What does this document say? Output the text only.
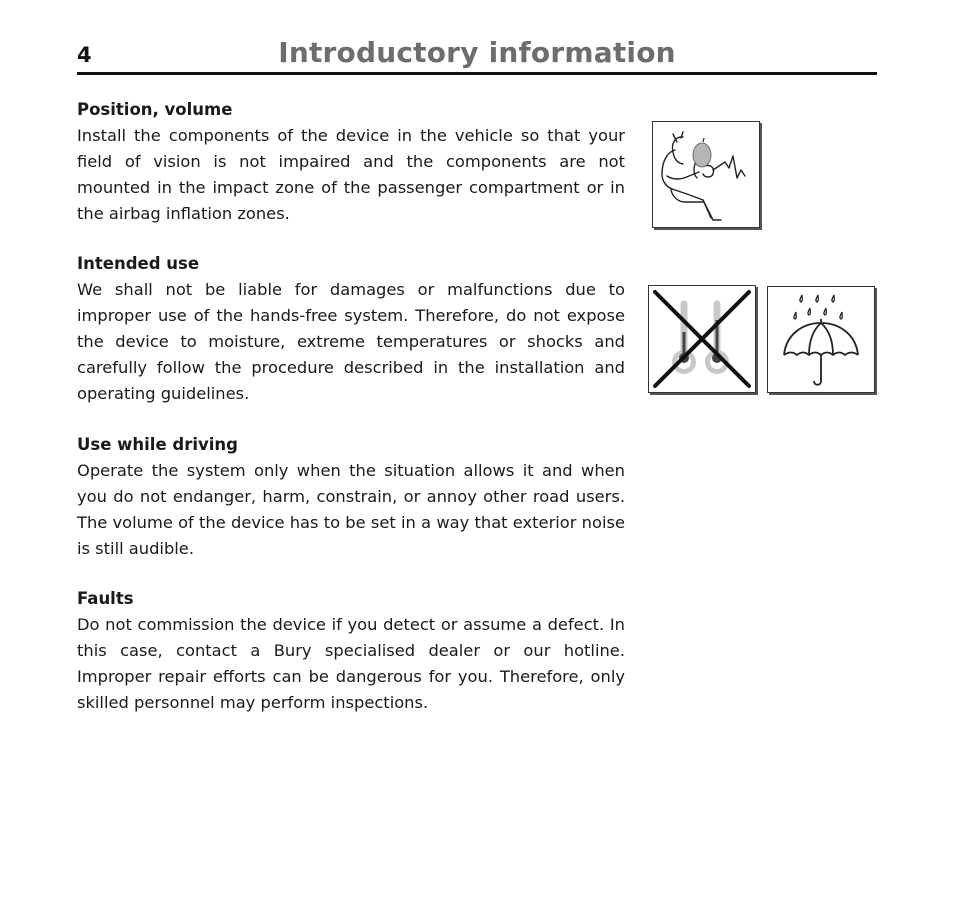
4	Introductory information
Position, volume

Install the components of the device in the vehicle so that your field of vision is not impaired and the components are not mounted in the impact zone of the passenger compartment or in the airbag inflation zones.

Intended use

We shall not be liable for damages or malfunctions due to improper use of the hands-free system. Therefore, do not expose the device to moisture, extreme temperatures or shocks and carefully follow the procedure described in the installation and operating guidelines.

Use while driving

Operate the system only when the situation allows it and when you do not endanger, harm, constrain, or annoy other road users. The volume of the device has to be set in a way that exterior noise is still audible.

Faults

Do not commission the device if you detect or assume a defect. In this case, contact a Bury specialised dealer or our hotline. Improper repair efforts can be dangerous for you. Therefore, only skilled personnel may perform inspections.
